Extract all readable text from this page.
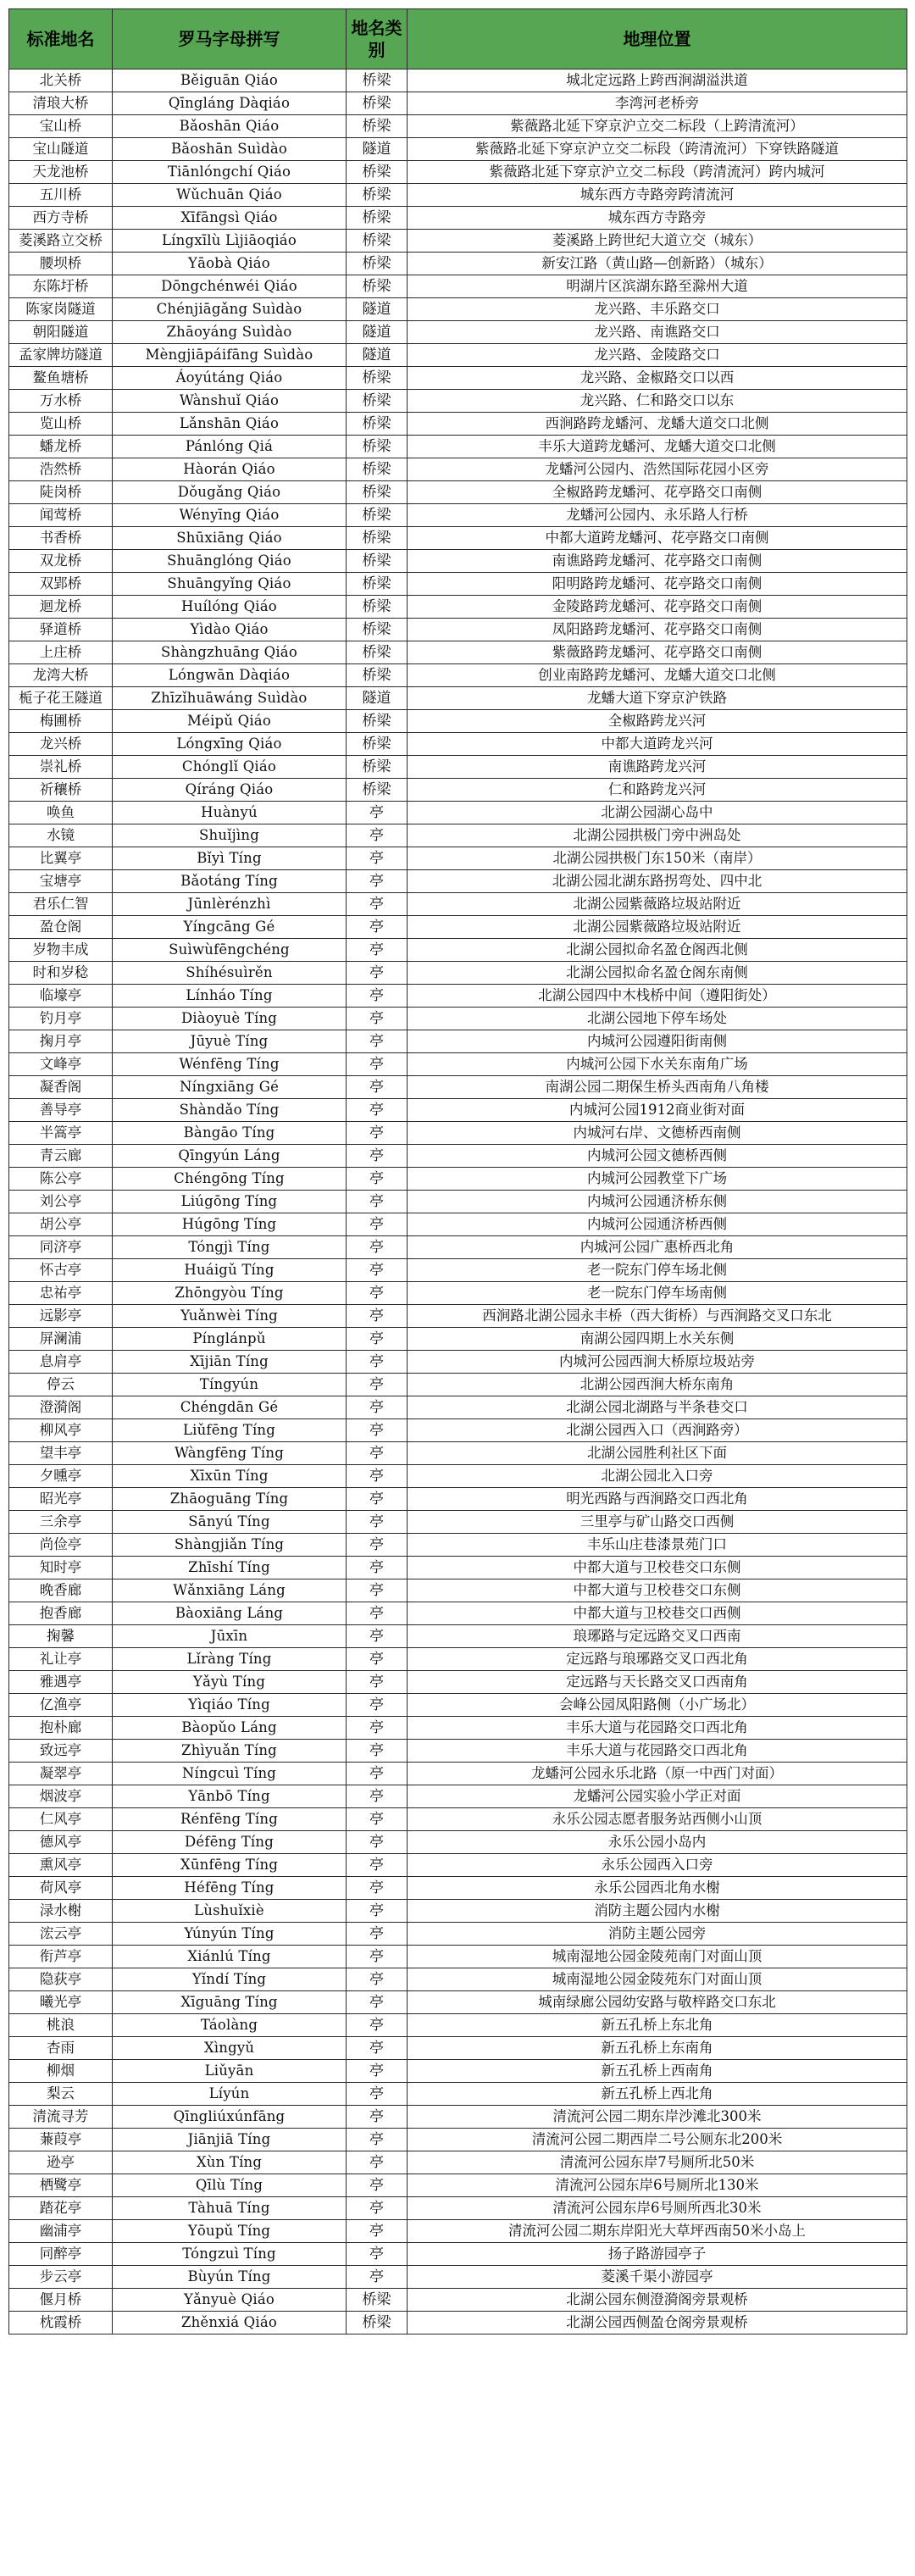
标准地名	罗马字母拼写	地名类别	地理位置
北关桥	Běiguān Qiáo	桥梁	城北定远路上跨西涧湖溢洪道
清琅大桥	Qīngláng Dàqiáo	桥梁	李湾河老桥旁
宝山桥	Bǎoshān Qiáo	桥梁	紫薇路北延下穿京沪立交二标段（上跨清流河）
宝山隧道	Bǎoshān Suìdào	隧道	紫薇路北延下穿京沪立交二标段（跨清流河）下穿铁路隧道
天龙池桥	Tiānlóngchí Qiáo	桥梁	紫薇路北延下穿京沪立交二标段（跨清流河）跨内城河
五川桥	Wǔchuān Qiáo	桥梁	城东西方寺路旁跨清流河
西方寺桥	Xīfāngsì Qiáo	桥梁	城东西方寺路旁
菱溪路立交桥	Língxīlù Lìjiāoqiáo	桥梁	菱溪路上跨世纪大道立交（城东）
腰坝桥	Yāobà Qiáo	桥梁	新安江路（黄山路—创新路）（城东）
东陈圩桥	Dōngchénwéi Qiáo	桥梁	明湖片区滨湖东路至滁州大道
陈家岗隧道	Chénjiāgǎng Suìdào	隧道	龙兴路、丰乐路交口
朝阳隧道	Zhāoyáng Suìdào	隧道	龙兴路、南谯路交口
孟家牌坊隧道	Mèngjiāpáifāng Suìdào	隧道	龙兴路、金陵路交口
鳌鱼塘桥	Áoyútáng Qiáo	桥梁	龙兴路、金椒路交口以西
万水桥	Wànshuǐ Qiáo	桥梁	龙兴路、仁和路交口以东
览山桥	Lǎnshān Qiáo	桥梁	西涧路跨龙蟠河、龙蟠大道交口北侧
蟠龙桥	Pánlóng Qiá	桥梁	丰乐大道跨龙蟠河、龙蟠大道交口北侧
浩然桥	Hàorán Qiáo	桥梁	龙蟠河公园内、浩然国际花园小区旁
陡岗桥	Dǒugǎng Qiáo	桥梁	全椒路跨龙蟠河、花亭路交口南侧
闻莺桥	Wényīng Qiáo	桥梁	龙蟠河公园内、永乐路人行桥
书香桥	Shūxiāng Qiáo	桥梁	中都大道跨龙蟠河、花亭路交口南侧
双龙桥	Shuānglóng Qiáo	桥梁	南谯路跨龙蟠河、花亭路交口南侧
双郢桥	Shuāngyǐng Qiáo	桥梁	阳明路跨龙蟠河、花亭路交口南侧
迴龙桥	Huílóng Qiáo	桥梁	金陵路跨龙蟠河、花亭路交口南侧
驿道桥	Yìdào Qiáo	桥梁	凤阳路跨龙蟠河、花亭路交口南侧
上庄桥	Shàngzhuāng Qiáo	桥梁	紫薇路跨龙蟠河、花亭路交口南侧
龙湾大桥	Lóngwān Dàqiáo	桥梁	创业南路跨龙蟠河、龙蟠大道交口北侧
栀子花王隧道	Zhīzǐhuāwáng Suìdào	隧道	龙蟠大道下穿京沪铁路
梅圃桥	Méipǔ Qiáo	桥梁	全椒路跨龙兴河
龙兴桥	Lóngxīng Qiáo	桥梁	中都大道跨龙兴河
崇礼桥	Chónglǐ Qiáo	桥梁	南谯路跨龙兴河
祈穰桥	Qíráng Qiáo	桥梁	仁和路跨龙兴河
唤鱼	Huànyú	亭	北湖公园湖心岛中
水镜	Shuǐjìng	亭	北湖公园拱极门旁中洲岛处
比翼亭	Bǐyì Tíng	亭	北湖公园拱极门东150米（南岸）
宝塘亭	Bǎotáng Tíng	亭	北湖公园北湖东路拐弯处、四中北
君乐仁智	Jūnlèrénzhì	亭	北湖公园紫薇路垃圾站附近
盈仓阁	Yíngcāng Gé	亭	北湖公园紫薇路垃圾站附近
岁物丰成	Suìwùfēngchéng	亭	北湖公园拟命名盈仓阁西北侧
时和岁稔	Shíhésuìrěn	亭	北湖公园拟命名盈仓阁东南侧
临壕亭	Línháo Tíng	亭	北湖公园四中木栈桥中间（遵阳街处）
钓月亭	Diàoyuè Tíng	亭	北湖公园地下停车场处
掬月亭	Jūyuè Tíng	亭	内城河公园遵阳街南侧
文峰亭	Wénfēng Tíng	亭	内城河公园下水关东南角广场
凝香阁	Níngxiāng Gé	亭	南湖公园二期保生桥头西南角八角楼
善导亭	Shàndǎo Tíng	亭	内城河公园1912商业街对面
半篙亭	Bàngāo Tíng	亭	内城河右岸、文德桥西南侧
青云廊	Qīngyún Láng	亭	内城河公园文德桥西侧
陈公亭	Chéngōng Tíng	亭	内城河公园教堂下广场
刘公亭	Liúgōng Tíng	亭	内城河公园通济桥东侧
胡公亭	Húgōng Tíng	亭	内城河公园通济桥西侧
同济亭	Tóngjì Tíng	亭	内城河公园广惠桥西北角
怀古亭	Huáigǔ Tíng	亭	老一院东门停车场北侧
忠祐亭	Zhōngyòu Tíng	亭	老一院东门停车场南侧
远影亭	Yuǎnwèi Tíng	亭	西涧路北湖公园永丰桥（西大街桥）与西涧路交叉口东北
屏澜浦	Pínglánpǔ	亭	南湖公园四期上水关东侧
息肩亭	Xījiān Tíng	亭	内城河公园西涧大桥原垃圾站旁
停云	Tíngyún	亭	北湖公园西涧大桥东南角
澄漪阁	Chéngdān Gé	亭	北湖公园北湖路与半条巷交口
柳风亭	Liǔfēng Tíng	亭	北湖公园西入口（西涧路旁）
望丰亭	Wàngfēng Tíng	亭	北湖公园胜利社区下面
夕曛亭	Xīxūn Tíng	亭	北湖公园北入口旁
昭光亭	Zhāoguāng Tíng	亭	明光西路与西涧路交口西北角
三余亭	Sānyú Tíng	亭	三里亭与矿山路交口西侧
尚俭亭	Shàngjiǎn Tíng	亭	丰乐山庄巷漆景苑门口
知时亭	Zhīshí Tíng	亭	中都大道与卫校巷交口东侧
晚香廊	Wǎnxiāng Láng	亭	中都大道与卫校巷交口东侧
抱香廊	Bàoxiāng Láng	亭	中都大道与卫校巷交口西侧
掬馨	Jūxīn	亭	琅琊路与定远路交叉口西南
礼让亭	Lǐràng Tíng	亭	定远路与琅琊路交叉口西北角
雅遇亭	Yǎyù Tíng	亭	定远路与天长路交叉口西南角
亿渔亭	Yìqiáo Tíng	亭	会峰公园凤阳路侧（小广场北）
抱朴廊	Bàopǔo Láng	亭	丰乐大道与花园路交口西北角
致远亭	Zhìyuǎn Tíng	亭	丰乐大道与花园路交口西北角
凝翠亭	Níngcuì Tíng	亭	龙蟠河公园永乐北路（原一中西门对面）
烟波亭	Yānbō Tíng	亭	龙蟠河公园实验小学正对面
仁风亭	Rénfēng Tíng	亭	永乐公园志愿者服务站西侧小山顶
德风亭	Défēng Tíng	亭	永乐公园小岛内
熏风亭	Xūnfēng Tíng	亭	永乐公园西入口旁
荷风亭	Héfēng Tíng	亭	永乐公园西北角水榭
渌水榭	Lùshuǐxiè	亭	消防主题公园内水榭
浤云亭	Yúnyún Tíng	亭	消防主题公园旁
衔芦亭	Xiánlú Tíng	亭	城南湿地公园金陵苑南门对面山顶
隐荻亭	Yǐndí Tíng	亭	城南湿地公园金陵苑东门对面山顶
曦光亭	Xīguāng Tíng	亭	城南绿廊公园幼安路与敬梓路交口东北
桃浪	Táolàng	亭	新五孔桥上东北角
杏雨	Xìngyǔ	亭	新五孔桥上东南角
柳烟	Liǔyān	亭	新五孔桥上西南角
梨云	Líyún	亭	新五孔桥上西北角
清流寻芳	Qīngliúxúnfāng	亭	清流河公园二期东岸沙滩北300米
蒹葭亭	Jiānjiā Tíng	亭	清流河公园二期西岸二号公厕东北200米
逊亭	Xùn Tíng	亭	清流河公园东岸7号厕所北50米
栖鹭亭	Qīlù Tíng	亭	清流河公园东岸6号厕所北130米
踏花亭	Tàhuā Tíng	亭	清流河公园东岸6号厕所西北30米
幽浦亭	Yōupǔ Tíng	亭	清流河公园二期东岸阳光大草坪西南50米小岛上
同醉亭	Tóngzuì Tíng	亭	扬子路游园亭子
步云亭	Bùyún Tíng	亭	菱溪千渠小游园亭
偃月桥	Yǎnyuè Qiáo	桥梁	北湖公园东侧澄漪阁旁景观桥
枕霞桥	Zhěnxiá Qiáo	桥梁	北湖公园西侧盈仓阁旁景观桥
